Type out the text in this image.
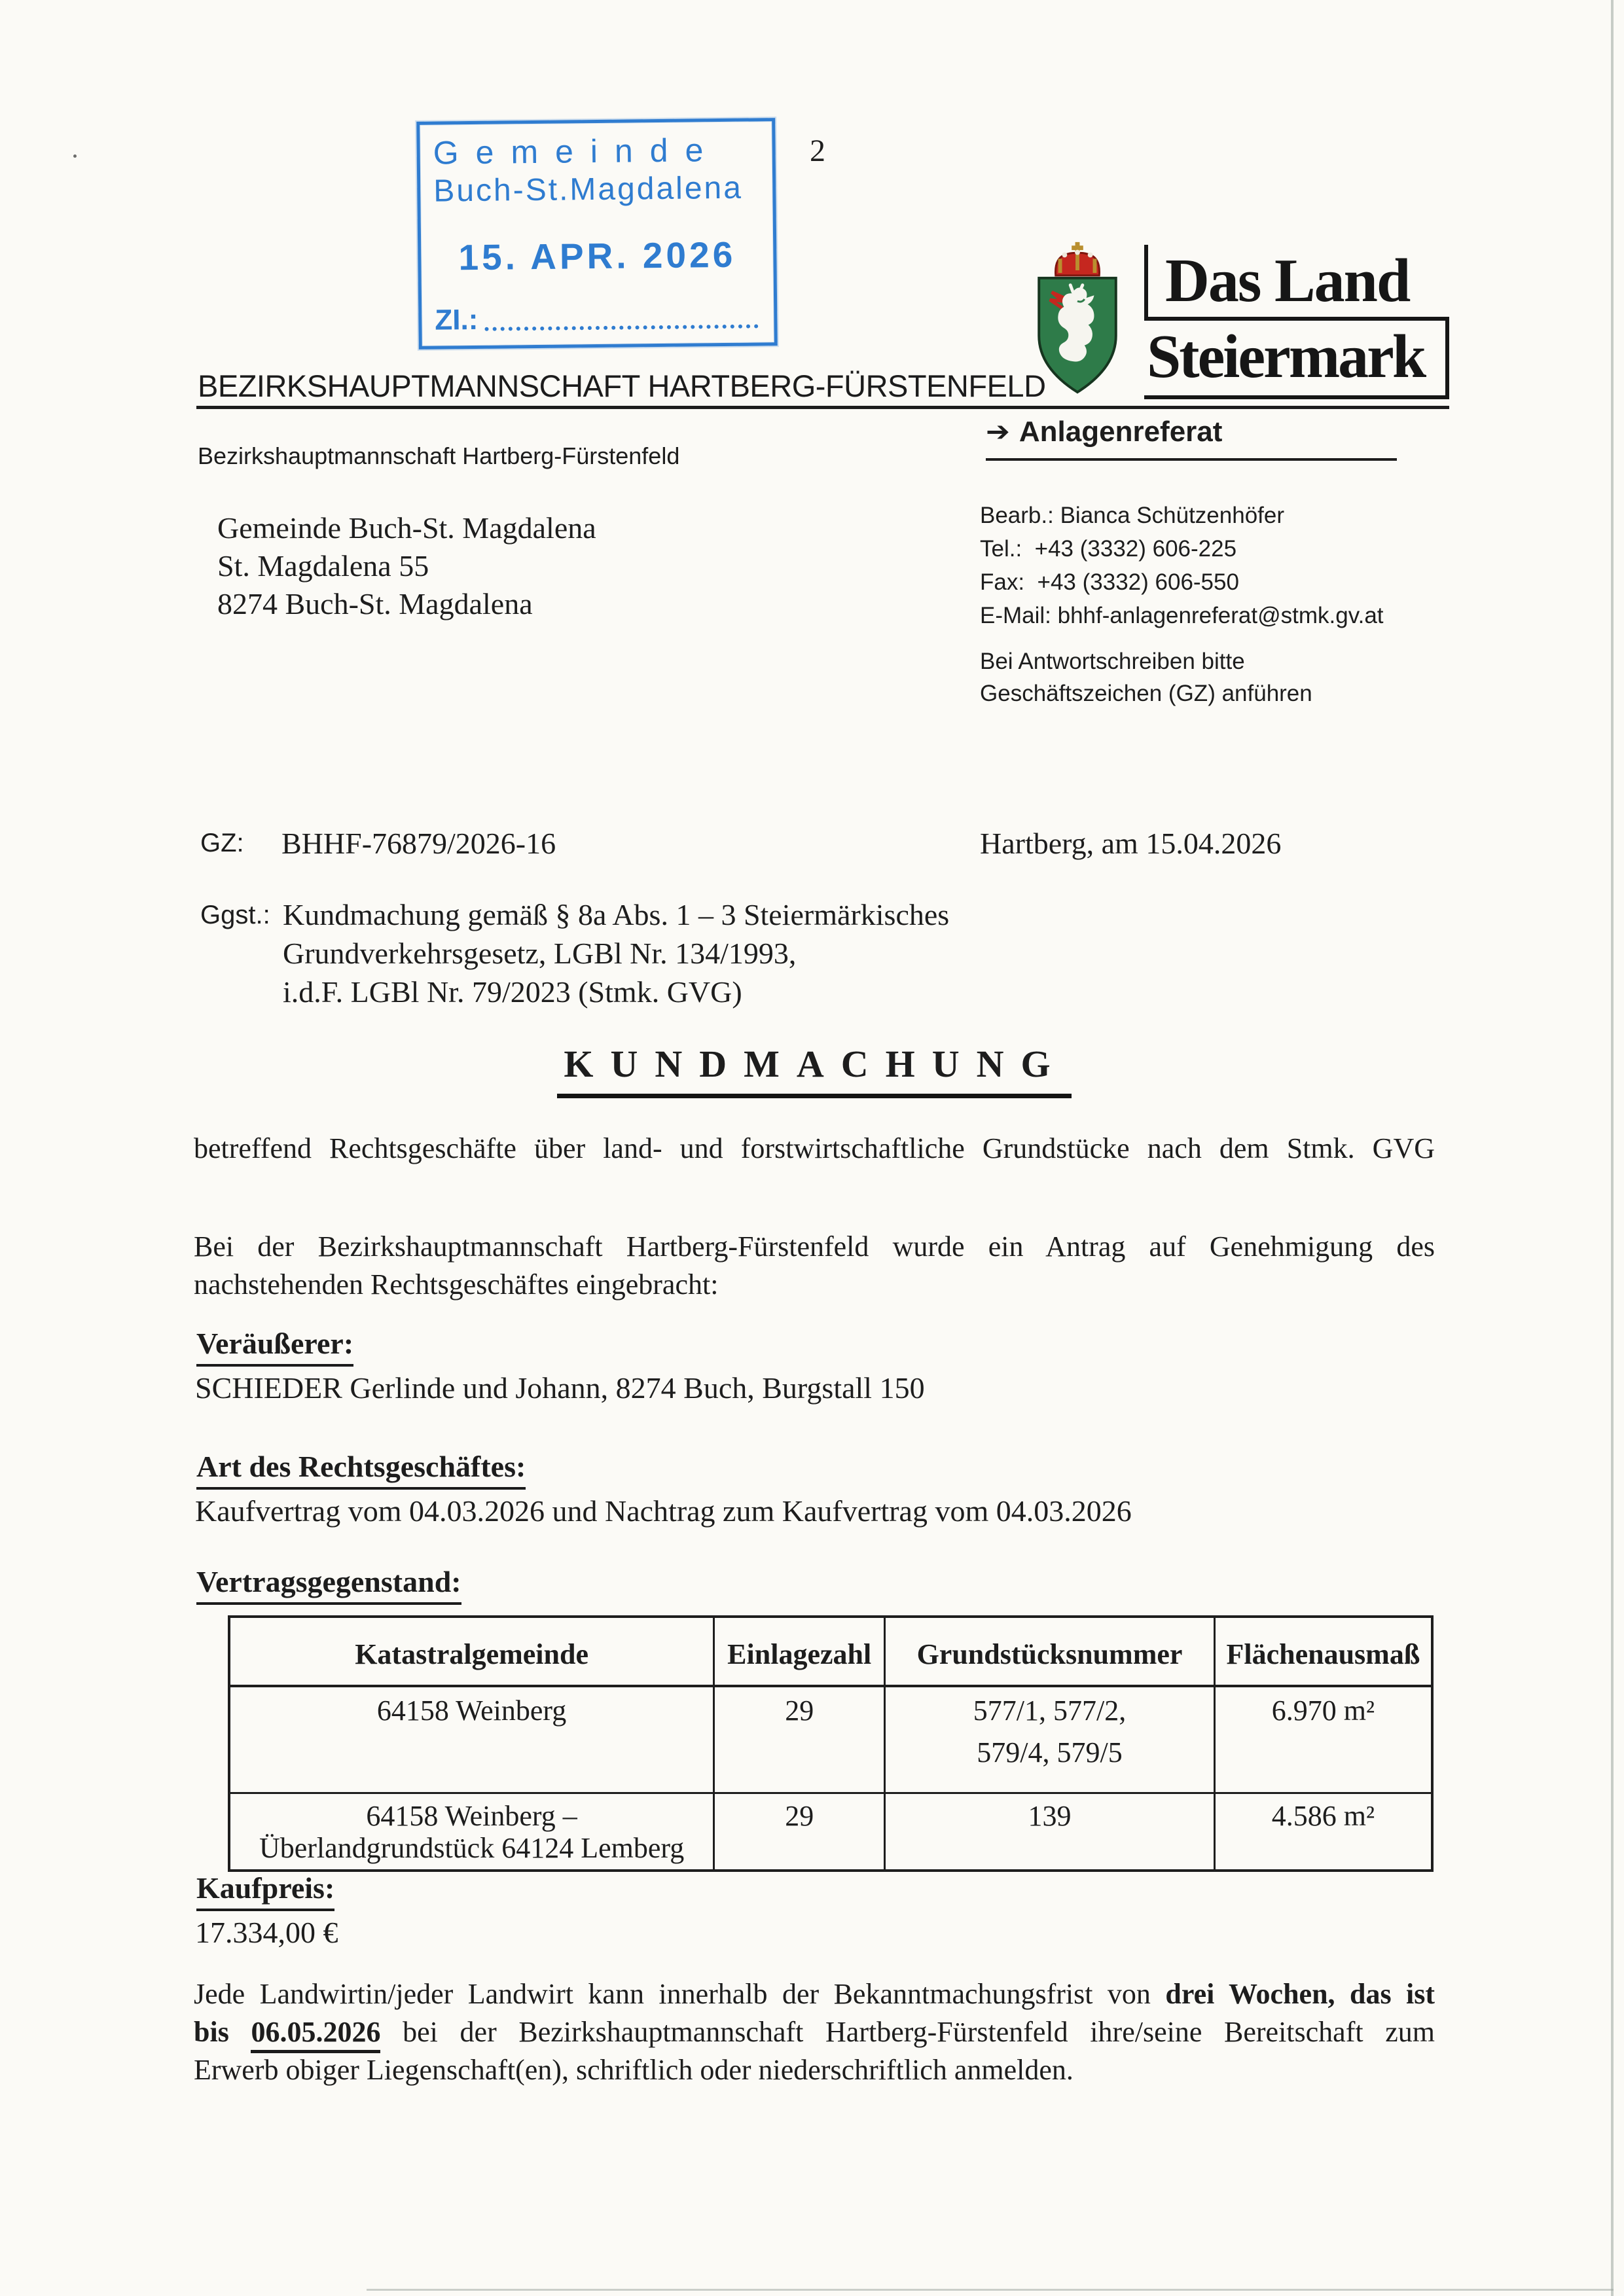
Gemeinde
Buch-St.Magdalena
15. APR. 2026
ZI.:
2
Das Land
Steiermark
BEZIRKSHAUPTMANNSCHAFT HARTBERG-FÜRSTENFELD
➔ Anlagenreferat
Bezirkshauptmannschaft Hartberg-Fürstenfeld
Gemeinde Buch-St. Magdalena
St. Magdalena 55
8274 Buch-St. Magdalena
Bearb.: Bianca Schützenhöfer
Tel.:  +43 (3332) 606-225
Fax:  +43 (3332) 606-550
E-Mail: bhhf-anlagenreferat@stmk.gv.at
Bei Antwortschreiben bitte
Geschäftszeichen (GZ) anführen
GZ: BHHF-76879/2026-16	Hartberg, am 15.04.2026
Ggst.: Kundmachung gemäß § 8a Abs. 1 – 3 Steiermärkisches
Grundverkehrsgesetz, LGBl Nr. 134/1993,
i.d.F. LGBl Nr. 79/2023 (Stmk. GVG)
KUNDMACHUNG
betreffend Rechtsgeschäfte über land- und forstwirtschaftliche Grundstücke nach dem Stmk. GVG
Bei der Bezirkshauptmannschaft Hartberg-Fürstenfeld wurde ein Antrag auf Genehmigung des
nachstehenden Rechtsgeschäftes eingebracht:
Veräußerer:
SCHIEDER Gerlinde und Johann, 8274 Buch, Burgstall 150
Art des Rechtsgeschäftes:
Kaufvertrag vom 04.03.2026 und Nachtrag zum Kaufvertrag vom 04.03.2026
Vertragsgegenstand:
Katastralgemeinde	Einlagezahl	Grundstücksnummer	Flächenausmaß

64158 Weinberg	29	577/1, 577/2,
579/4, 579/5	6.970 m²

64158 Weinberg –
Überlandgrundstück 64124 Lemberg	29	139	4.586 m²
Kaufpreis:
17.334,00 €
Jede Landwirtin/jeder Landwirt kann innerhalb der Bekanntmachungsfrist von drei Wochen, das ist
bis 06.05.2026 bei der Bezirkshauptmannschaft Hartberg-Fürstenfeld ihre/seine Bereitschaft zum
Erwerb obiger Liegenschaft(en), schriftlich oder niederschriftlich anmelden.
